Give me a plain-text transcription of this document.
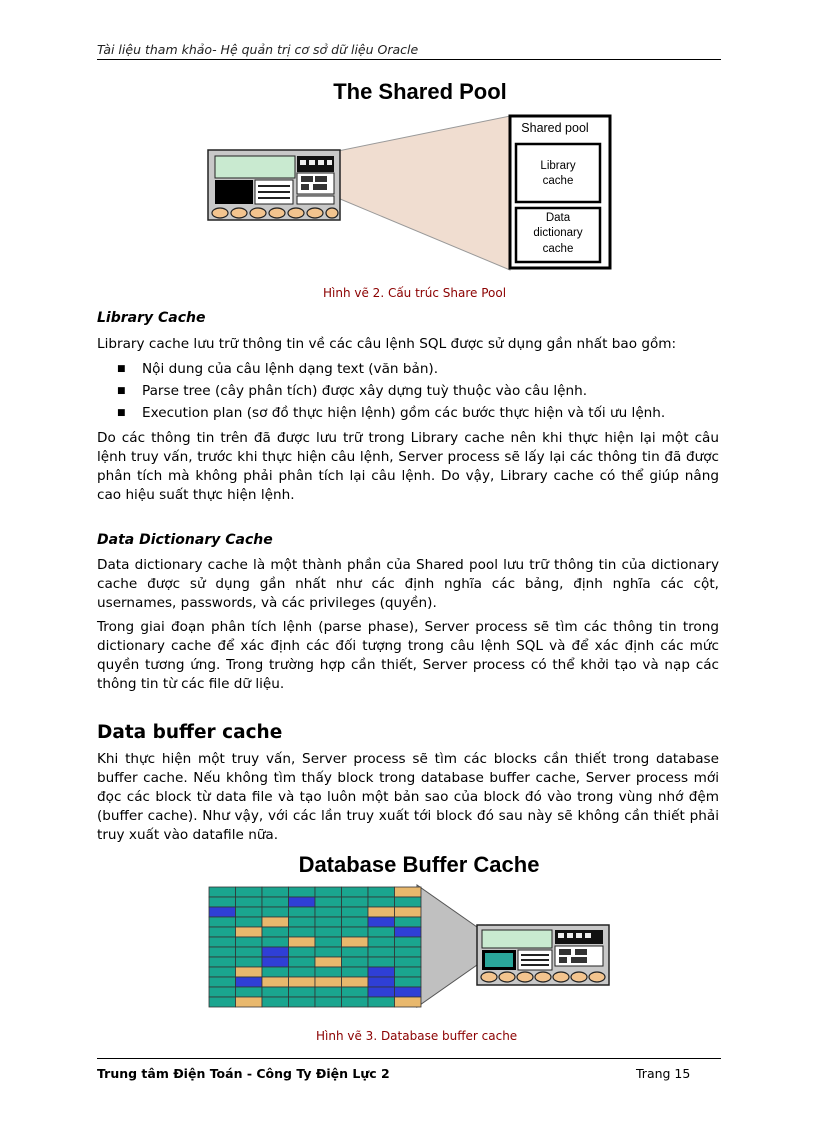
Tài liệu tham khảo- Hệ quản trị cơ sở dữ liệu Oracle
The Shared Pool
Shared pool
Library
cache
Data
dictionary
cache
Hình vẽ 2. Cấu trúc Share Pool
Library Cache
Library cache lưu trữ thông tin về các câu lệnh SQL được sử dụng gần nhất bao gồm:
■ Nội dung của câu lệnh dạng text (văn bản).
■ Parse tree (cây phân tích) được xây dựng tuỳ thuộc vào câu lệnh.
■ Execution plan (sơ đồ thực hiện lệnh) gồm các bước thực hiện và tối ưu lệnh.
Do các thông tin trên đã được lưu trữ trong Library cache nên khi thực hiện lại một câu lệnh truy vấn, trước khi thực hiện câu lệnh, Server process sẽ lấy lại các thông tin đã được phân tích mà không phải phân tích lại câu lệnh. Do vậy, Library cache có thể giúp nâng cao hiệu suất thực hiện lệnh.
Data Dictionary Cache
Data dictionary cache là một thành phần của Shared pool lưu trữ thông tin của dictionary cache được sử dụng gần nhất như các định nghĩa các bảng, định nghĩa các cột, usernames, passwords, và các privileges (quyền).
Trong giai đoạn phân tích lệnh (parse phase), Server process sẽ tìm các thông tin trong dictionary cache để xác định các đối tượng trong câu lệnh SQL và để xác định các mức quyền tương ứng. Trong trường hợp cần thiết, Server process có thể khởi tạo và nạp các thông tin từ các file dữ liệu.
Data buffer cache
Khi thực hiện một truy vấn, Server process sẽ tìm các blocks cần thiết trong database buffer cache. Nếu không tìm thấy block trong database buffer cache, Server process mới đọc các block từ data file và tạo luôn một bản sao của block đó vào trong vùng nhớ đệm (buffer cache). Như vậy, với các lần truy xuất tới block đó sau này sẽ không cần thiết phải truy xuất vào datafile nữa.
Database Buffer Cache
Hình vẽ 3. Database buffer cache
Trung tâm Điện Toán - Công Ty Điện Lực 2	Trang 15
